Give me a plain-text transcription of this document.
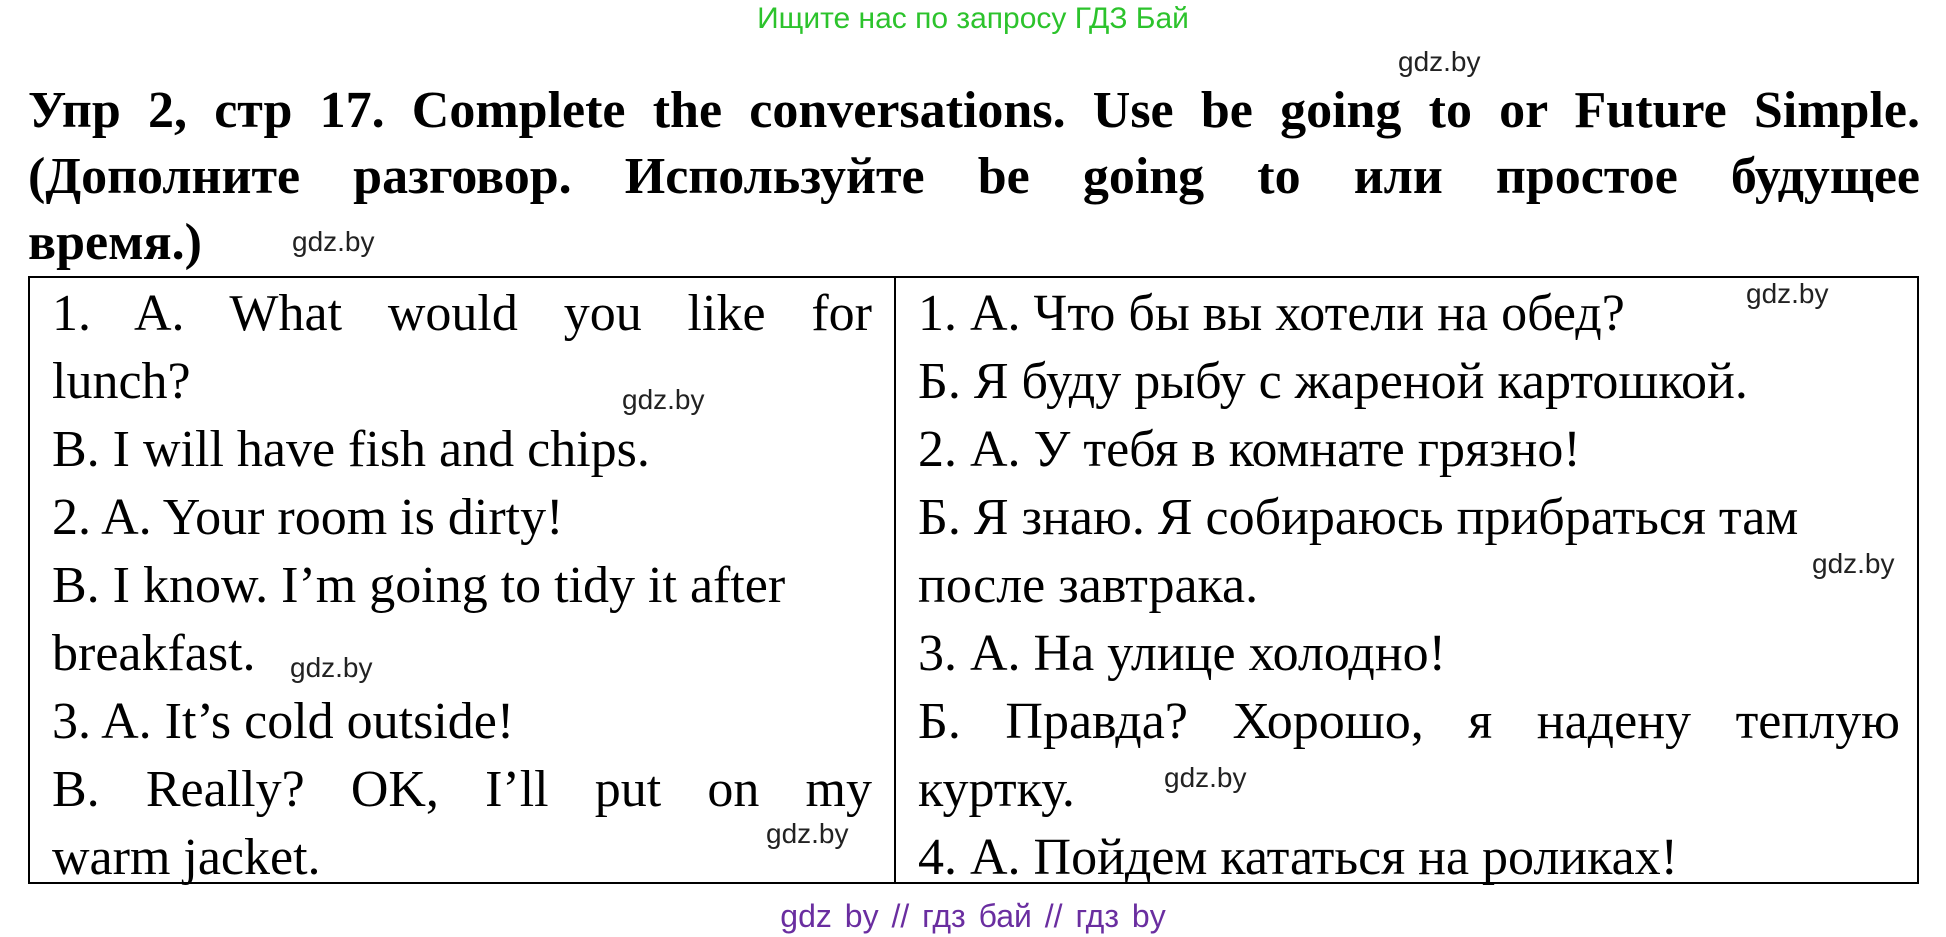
Ищите нас по запросу ГДЗ Бай
gdz.by
Упр 2, стр 17. Complete the conversations. Use be going to or Future Simple.
(Дополните разговор. Используйте be going to или простое будущее
время.)	gdz.by
1. A. What would you like for
lunch?
B. I will have fish and chips.
2. A. Your room is dirty!
B. I know. I’m going to tidy it after
breakfast.
3. A. It’s cold outside!
B. Really? OK, I’ll put on my
warm jacket.
1. А. Что бы вы хотели на обед?
Б. Я буду рыбу с жареной картошкой.
2. А. У тебя в комнате грязно!
Б. Я знаю. Я собираюсь прибраться там
после завтрака.
3. А. На улице холодно!
Б. Правда? Хорошо, я надену теплую
куртку.
4. А. Пойдем кататься на роликах!
gdz.by
gdz.by
gdz.by
gdz.by
gdz.by
gdz.by
gdz by // гдз бай // гдз by
